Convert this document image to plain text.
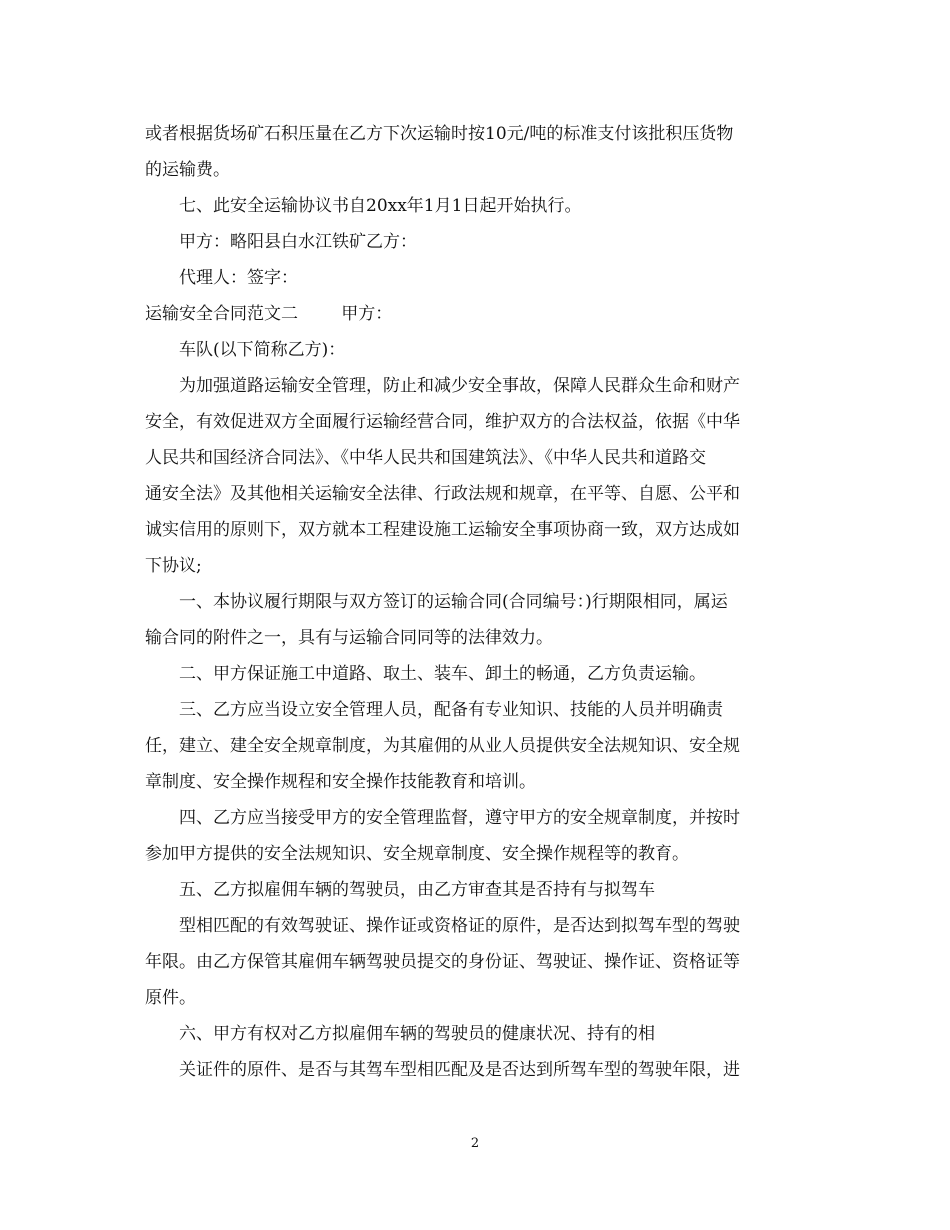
或者根据货场矿石积压量在乙方下次运输时按10元/吨的标准支付该批积压货物
的运输费。
七、此安全运输协议书自20xx年1月1日起开始执行。
甲方：略阳县白水江铁矿乙方：
代理人：签字：
运输安全合同范文二        甲方：
车队(以下简称乙方)：
为加强道路运输安全管理，防止和减少安全事故，保障人民群众生命和财产
安全，有效促进双方全面履行运输经营合同，维护双方的合法权益，依据《中华
人民共和国经济合同法》、《中华人民共和国建筑法》、《中华人民共和道路交
通安全法》及其他相关运输安全法律、行政法规和规章，在平等、自愿、公平和
诚实信用的原则下，双方就本工程建设施工运输安全事项协商一致，双方达成如
下协议;
一、本协议履行期限与双方签订的运输合同(合同编号：)行期限相同，属运
输合同的附件之一，具有与运输合同同等的法律效力。
二、甲方保证施工中道路、取土、装车、卸土的畅通，乙方负责运输。
三、乙方应当设立安全管理人员，配备有专业知识、技能的人员并明确责
任，建立、建全安全规章制度，为其雇佣的从业人员提供安全法规知识、安全规
章制度、安全操作规程和安全操作技能教育和培训。
四、乙方应当接受甲方的安全管理监督，遵守甲方的安全规章制度，并按时
参加甲方提供的安全法规知识、安全规章制度、安全操作规程等的教育。
五、乙方拟雇佣车辆的驾驶员，由乙方审查其是否持有与拟驾车
型相匹配的有效驾驶证、操作证或资格证的原件，是否达到拟驾车型的驾驶
年限。由乙方保管其雇佣车辆驾驶员提交的身份证、驾驶证、操作证、资格证等
原件。
六、甲方有权对乙方拟雇佣车辆的驾驶员的健康状况、持有的相
关证件的原件、是否与其驾车型相匹配及是否达到所驾车型的驾驶年限，进
2
